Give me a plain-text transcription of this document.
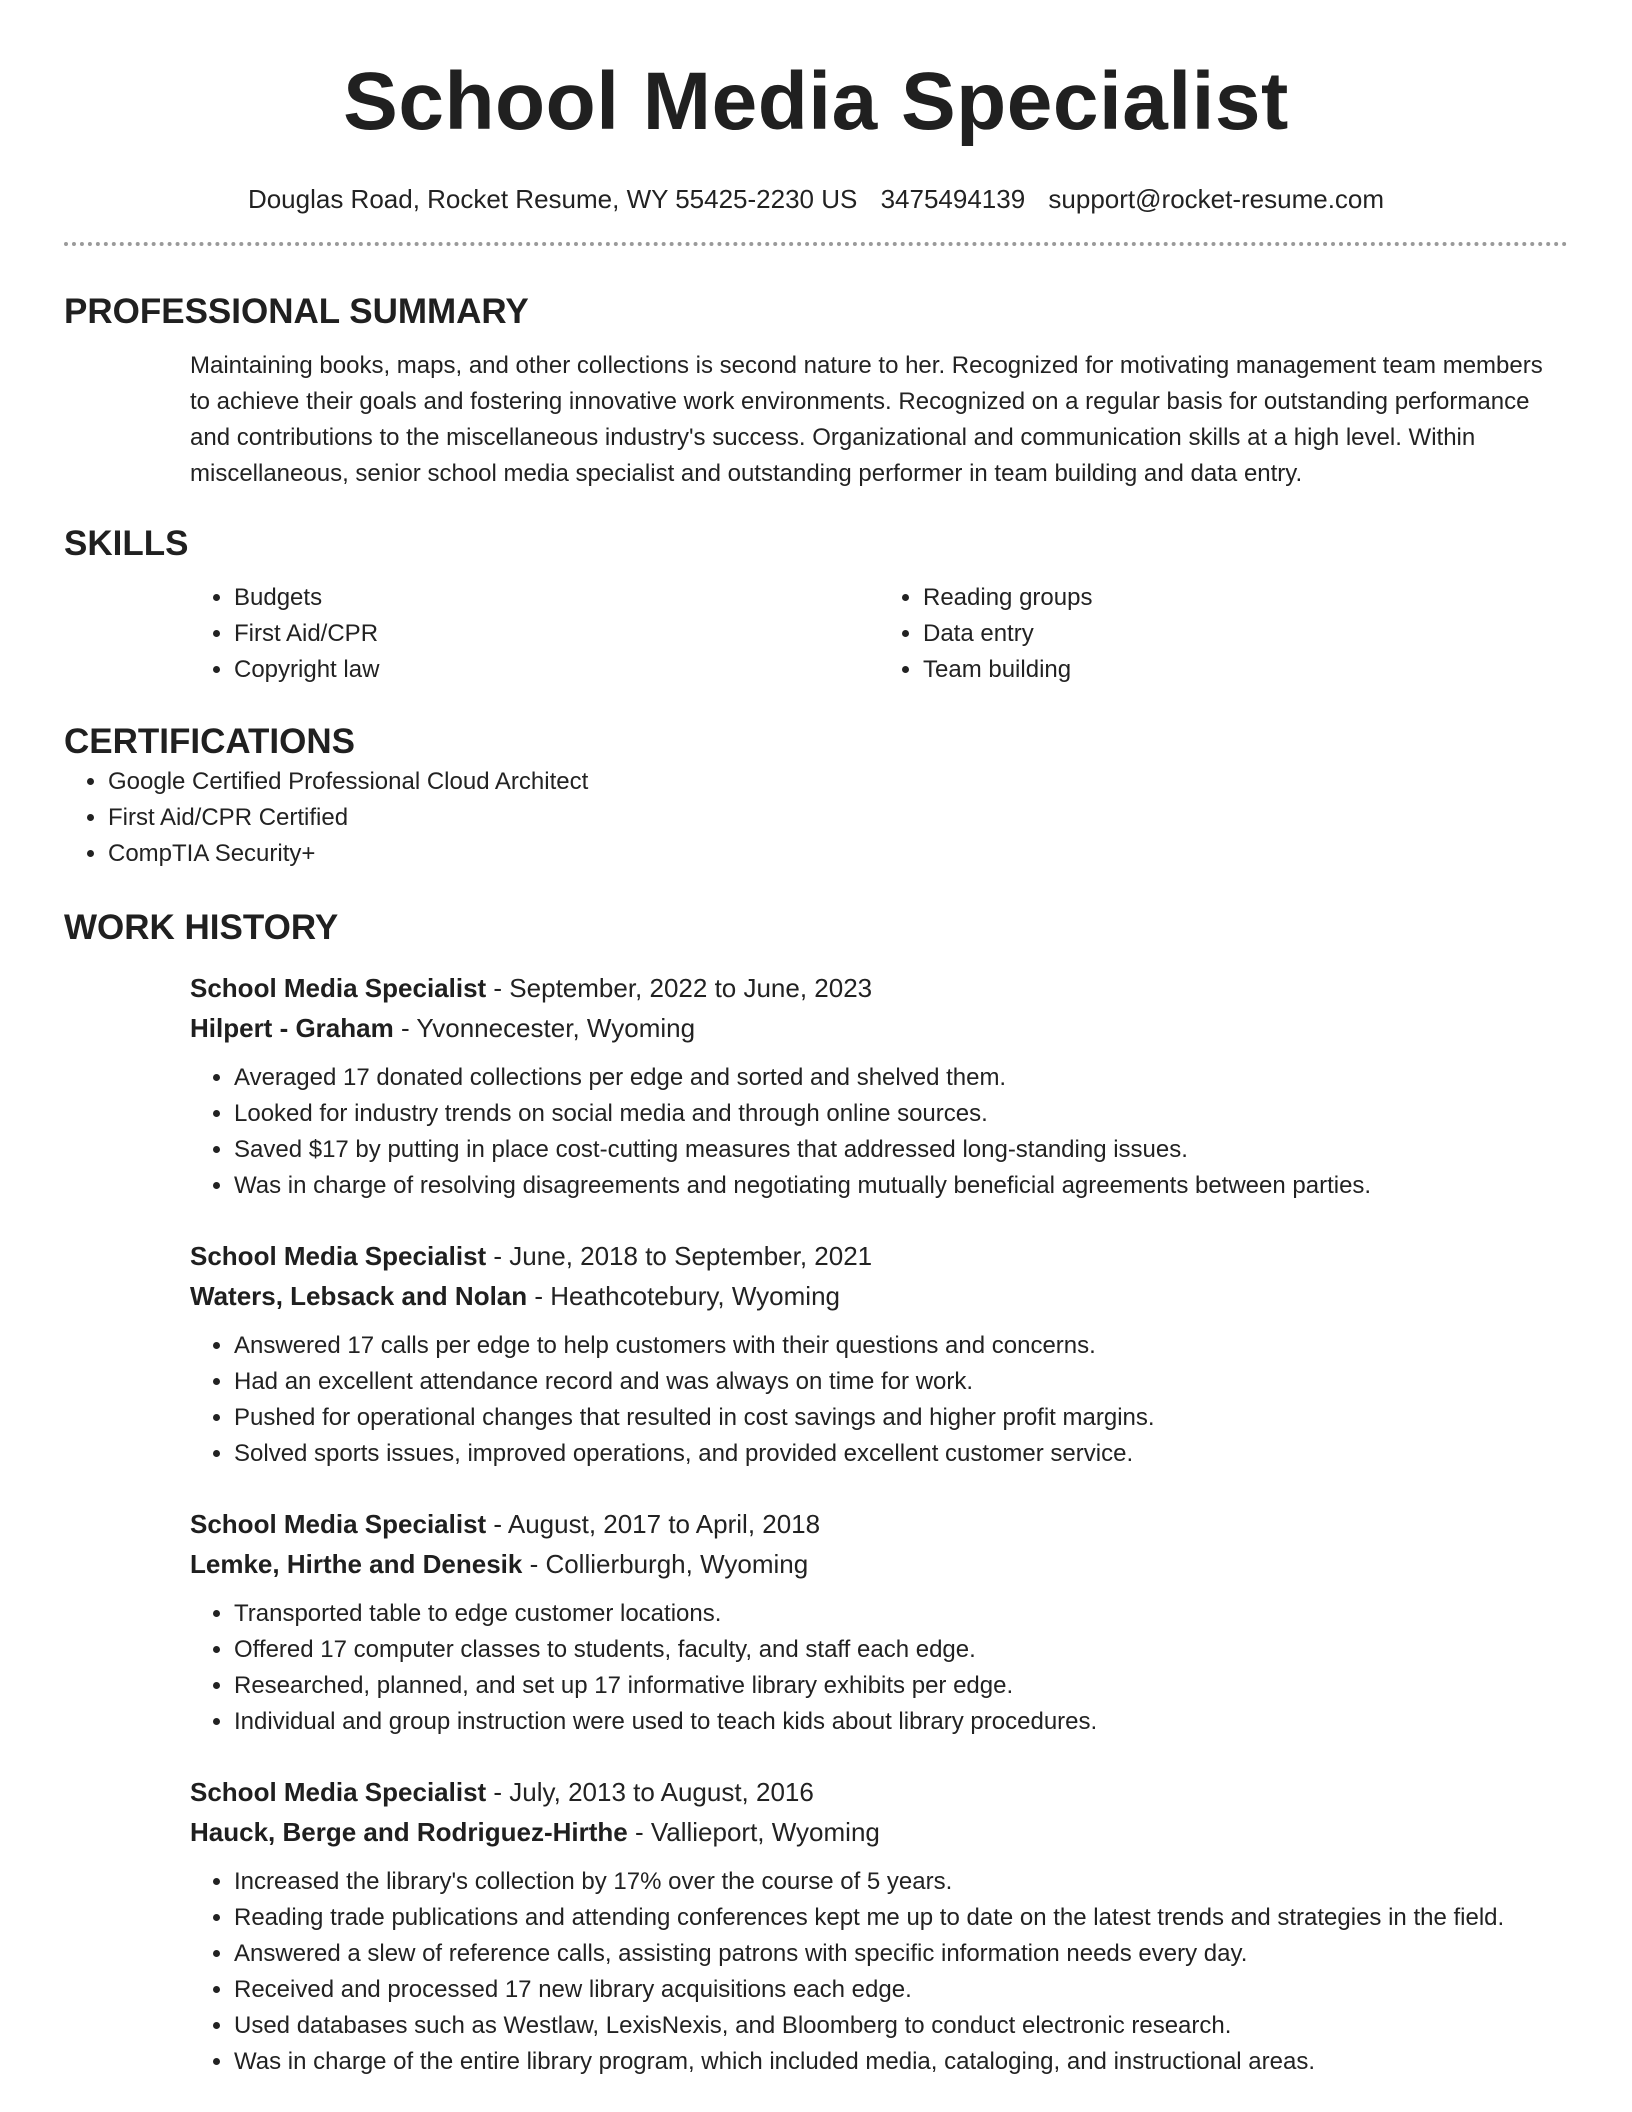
School Media Specialist
Douglas Road, Rocket Resume, WY 55425-2230 US 3475494139 support@rocket-resume.com
PROFESSIONAL SUMMARY

Maintaining books, maps, and other collections is second nature to her. Recognized for motivating management team members to achieve their goals and fostering innovative work environments. Recognized on a regular basis for outstanding performance and contributions to the miscellaneous industry's success. Organizational and communication skills at a high level. Within miscellaneous, senior school media specialist and outstanding performer in team building and data entry.

SKILLS
• Budgets
• First Aid/CPR
• Copyright law
• Reading groups
• Data entry
• Team building
CERTIFICATIONS
• Google Certified Professional Cloud Architect
• First Aid/CPR Certified
• CompTIA Security+
WORK HISTORY
School Media Specialist - September, 2022 to June, 2023
Hilpert - Graham - Yvonnecester, Wyoming
• Averaged 17 donated collections per edge and sorted and shelved them.
• Looked for industry trends on social media and through online sources.
• Saved $17 by putting in place cost-cutting measures that addressed long-standing issues.
• Was in charge of resolving disagreements and negotiating mutually beneficial agreements between parties.
School Media Specialist - June, 2018 to September, 2021
Waters, Lebsack and Nolan - Heathcotebury, Wyoming
• Answered 17 calls per edge to help customers with their questions and concerns.
• Had an excellent attendance record and was always on time for work.
• Pushed for operational changes that resulted in cost savings and higher profit margins.
• Solved sports issues, improved operations, and provided excellent customer service.
School Media Specialist - August, 2017 to April, 2018
Lemke, Hirthe and Denesik - Collierburgh, Wyoming
• Transported table to edge customer locations.
• Offered 17 computer classes to students, faculty, and staff each edge.
• Researched, planned, and set up 17 informative library exhibits per edge.
• Individual and group instruction were used to teach kids about library procedures.
School Media Specialist - July, 2013 to August, 2016
Hauck, Berge and Rodriguez-Hirthe - Vallieport, Wyoming
• Increased the library's collection by 17% over the course of 5 years.
• Reading trade publications and attending conferences kept me up to date on the latest trends and strategies in the field.
• Answered a slew of reference calls, assisting patrons with specific information needs every day.
• Received and processed 17 new library acquisitions each edge.
• Used databases such as Westlaw, LexisNexis, and Bloomberg to conduct electronic research.
• Was in charge of the entire library program, which included media, cataloging, and instructional areas.
